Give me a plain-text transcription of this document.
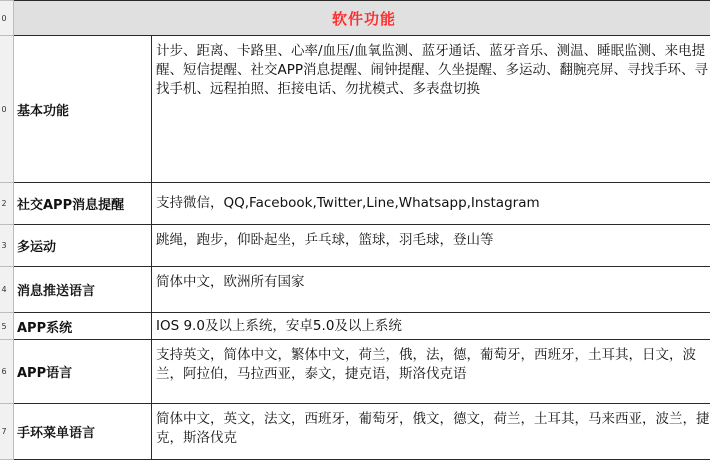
0	软件功能	
0	基本功能	计步、距离、卡路里、心率/血压/血氧监测、蓝牙通话、蓝牙音乐、测温、睡眠监测、来电提醒、短信提醒、社交APP消息提醒、闹钟提醒、久坐提醒、多运动、翻腕亮屏、寻找手环、寻找手机、远程拍照、拒接电话、勿扰模式、多表盘切换
2	社交APP消息提醒	支持微信，QQ,Facebook,Twitter,Line,Whatsapp,Instagram
3	多运动	跳绳，跑步，仰卧起坐，乒乓球，篮球，羽毛球，登山等
4	消息推送语言	简体中文，欧洲所有国家
5	APP系统	IOS 9.0及以上系统，安卓5.0及以上系统
6	APP语言	支持英文，简体中文，繁体中文，荷兰，俄，法，德，葡萄牙，西班牙，土耳其，日文，波兰，阿拉伯，马拉西亚，泰文，捷克语，斯洛伐克语
7	手环菜单语言	简体中文，英文，法文，西班牙，葡萄牙，俄文，德文，荷兰，土耳其，马来西亚，波兰，捷克，斯洛伐克
